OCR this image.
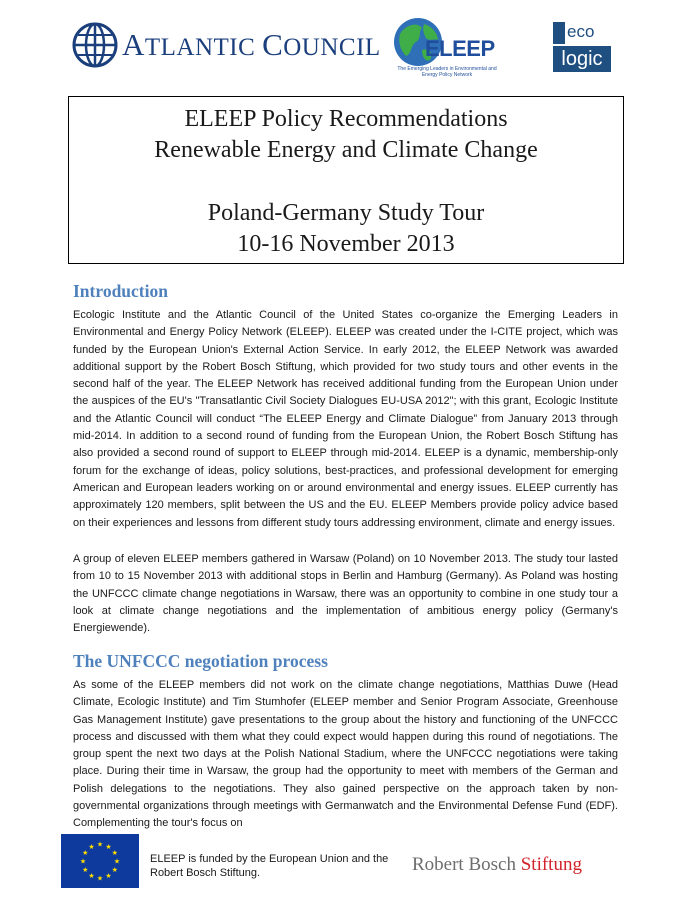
ATLANTIC COUNCIL ELEEP
The Emerging Leaders in Environmental and Energy Policy Network
eco
logic
ELEEP Policy Recommendations
Renewable Energy and Climate Change
Poland-Germany Study Tour
10-16 November 2013
Introduction
Ecologic Institute and the Atlantic Council of the United States co-organize the Emerging Leaders in Environmental and Energy Policy Network (ELEEP). ELEEP was created under the I-CITE project, which was funded by the European Union's External Action Service. In early 2012, the ELEEP Network was awarded additional support by the Robert Bosch Stiftung, which provided for two study tours and other events in the second half of the year. The ELEEP Network has received additional funding from the European Union under the auspices of the EU's "Transatlantic Civil Society Dialogues EU-USA 2012"; with this grant, Ecologic Institute and the Atlantic Council will conduct “The ELEEP Energy and Climate Dialogue” from January 2013 through mid-2014. In addition to a second round of funding from the European Union, the Robert Bosch Stiftung has also provided a second round of support to ELEEP through mid-2014. ELEEP is a dynamic, membership-only forum for the exchange of ideas, policy solutions, best-practices, and professional development for emerging American and European leaders working on or around environmental and energy issues. ELEEP currently has approximately 120 members, split between the US and the EU. ELEEP Members provide policy advice based on their experiences and lessons from different study tours addressing environment, climate and energy issues.
A group of eleven ELEEP members gathered in Warsaw (Poland) on 10 November 2013. The study tour lasted from 10 to 15 November 2013 with additional stops in Berlin and Hamburg (Germany). As Poland was hosting the UNFCCC climate change negotiations in Warsaw, there was an opportunity to combine in one study tour a look at climate change negotiations and the implementation of ambitious energy policy (Germany's Energiewende).
The UNFCCC negotiation process
As some of the ELEEP members did not work on the climate change negotiations, Matthias Duwe (Head Climate, Ecologic Institute) and Tim Stumhofer (ELEEP member and Senior Program Associate, Greenhouse Gas Management Institute) gave presentations to the group about the history and functioning of the UNFCCC process and discussed with them what they could expect would happen during this round of negotiations. The group spent the next two days at the Polish National Stadium, where the UNFCCC negotiations were taking place. During their time in Warsaw, the group had the opportunity to meet with members of the German and Polish delegations to the negotiations. They also gained perspective on the approach taken by non-governmental organizations through meetings with Germanwatch and the Environmental Defense Fund (EDF). Complementing the tour's focus on
★ ★
★
★
★
★
★
★
★
★
★
★
ELEEP is funded by the European Union and the Robert Bosch Stiftung.	Robert Bosch Stiftung
